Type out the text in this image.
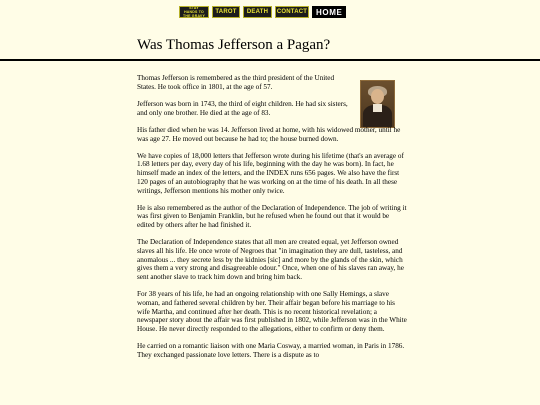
STAY HANDS TO THE GRAVY
TAROT	DEATH	CONTACT	HOME
Was Thomas Jefferson a Pagan?

Thomas Jefferson is remembered as the third president of the United States. He took office in 1801, at the age of 57.

Jefferson was born in 1743, the third of eight children. He had six sisters, and only one brother. He died at the age of 83.

His father died when he was 14. Jefferson lived at home, with his widowed mother, until he was age 27. He moved out because he had to; the house burned down.

We have copies of 18,000 letters that Jefferson wrote during his lifetime (that's an average of 1.68 letters per day, every day of his life, beginning with the day he was born). In fact, he himself made an index of the letters, and the INDEX runs 656 pages. We also have the first 120 pages of an autobiography that he was working on at the time of his death. In all these writings, Jefferson mentions his mother only twice.

He is also remembered as the author of the Declaration of Independence. The job of writing it was first given to Benjamin Franklin, but he refused when he found out that it would be edited by others after he had finished it.

The Declaration of Independence states that all men are created equal, yet Jefferson owned slaves all his life. He once wrote of Negroes that "in imagination they are dull, tasteless, and anomalous ... they secrete less by the kidnies [sic] and more by the glands of the skin, which gives them a very strong and disagreeable odour." Once, when one of his slaves ran away, he sent another slave to track him down and bring him back.

For 38 years of his life, he had an ongoing relationship with one Sally Hemings, a slave woman, and fathered several children by her. Their affair began before his marriage to his wife Martha, and continued after her death. This is no recent historical revelation; a newspaper story about the affair was first published in 1802, while Jefferson was in the White House. He never directly responded to the allegations, either to confirm or deny them.

He carried on a romantic liaison with one Maria Cosway, a married woman, in Paris in 1786. They exchanged passionate love letters. There is a dispute as to
